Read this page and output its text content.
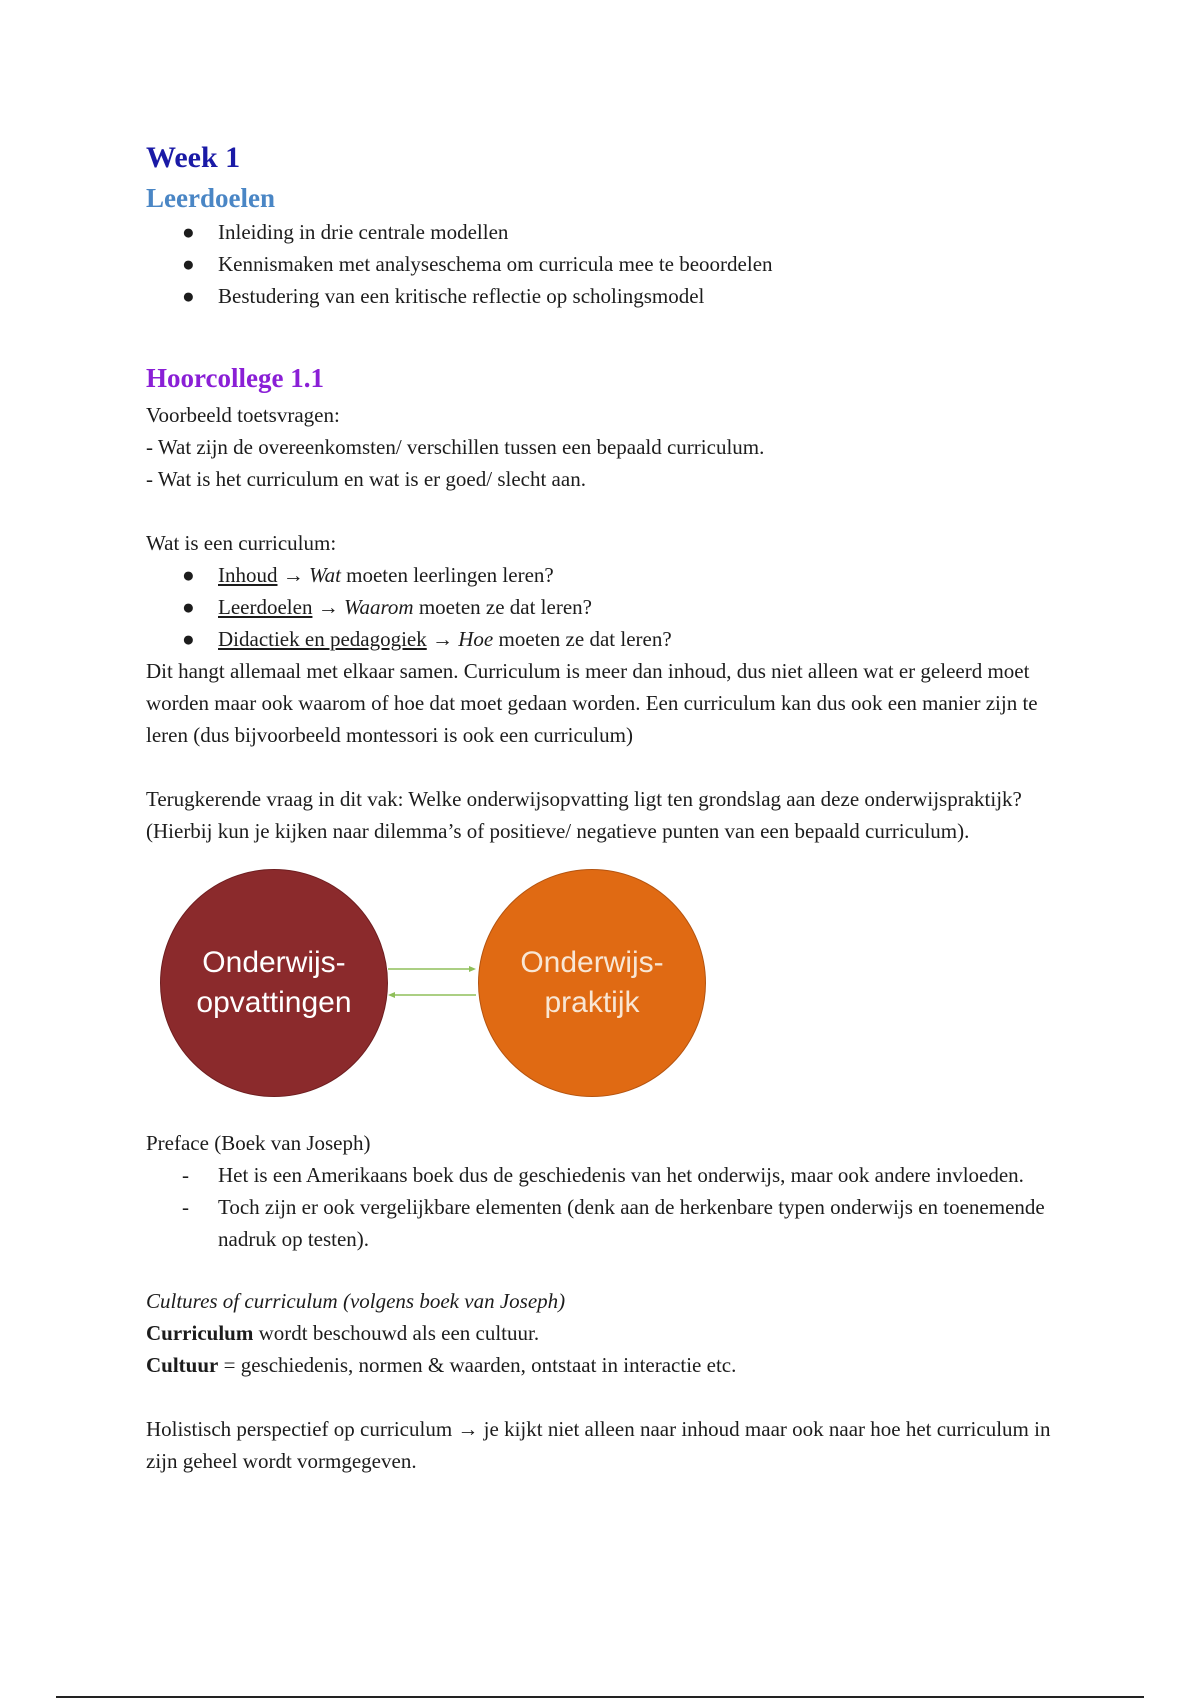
Week 1
Leerdoelen
● Inleiding in drie centrale modellen
● Kennismaken met analyseschema om curricula mee te beoordelen
● Bestudering van een kritische reflectie op scholingsmodel
Hoorcollege 1.1

Voorbeeld toetsvragen:

- Wat zijn de overeenkomsten/ verschillen tussen een bepaald curriculum.

- Wat is het curriculum en wat is er goed/ slecht aan.

Wat is een curriculum:

● Inhoud → Wat moeten leerlingen leren?
● Leerdoelen → Waarom moeten ze dat leren?
● Didactiek en pedagogiek → Hoe moeten ze dat leren?

Dit hangt allemaal met elkaar samen. Curriculum is meer dan inhoud, dus niet alleen wat er geleerd moet worden maar ook waarom of hoe dat moet gedaan worden. Een curriculum kan dus ook een manier zijn te leren (dus bijvoorbeeld montessori is ook een curriculum)

Terugkerende vraag in dit vak: Welke onderwijsopvatting ligt ten grondslag aan deze onderwijspraktijk? (Hierbij kun je kijken naar dilemma’s of positieve/ negatieve punten van een bepaald curriculum).

Onderwijs-
opvattingen
Onderwijs-
praktijk

Preface (Boek van Joseph)

- Het is een Amerikaans boek dus de geschiedenis van het onderwijs, maar ook andere invloeden.
- Toch zijn er ook vergelijkbare elementen (denk aan de herkenbare typen onderwijs en toenemende nadruk op testen).

Cultures of curriculum (volgens boek van Joseph)

Curriculum wordt beschouwd als een cultuur.

Cultuur = geschiedenis, normen & waarden, ontstaat in interactie etc.

Holistisch perspectief op curriculum → je kijkt niet alleen naar inhoud maar ook naar hoe het curriculum in zijn geheel wordt vormgegeven.
